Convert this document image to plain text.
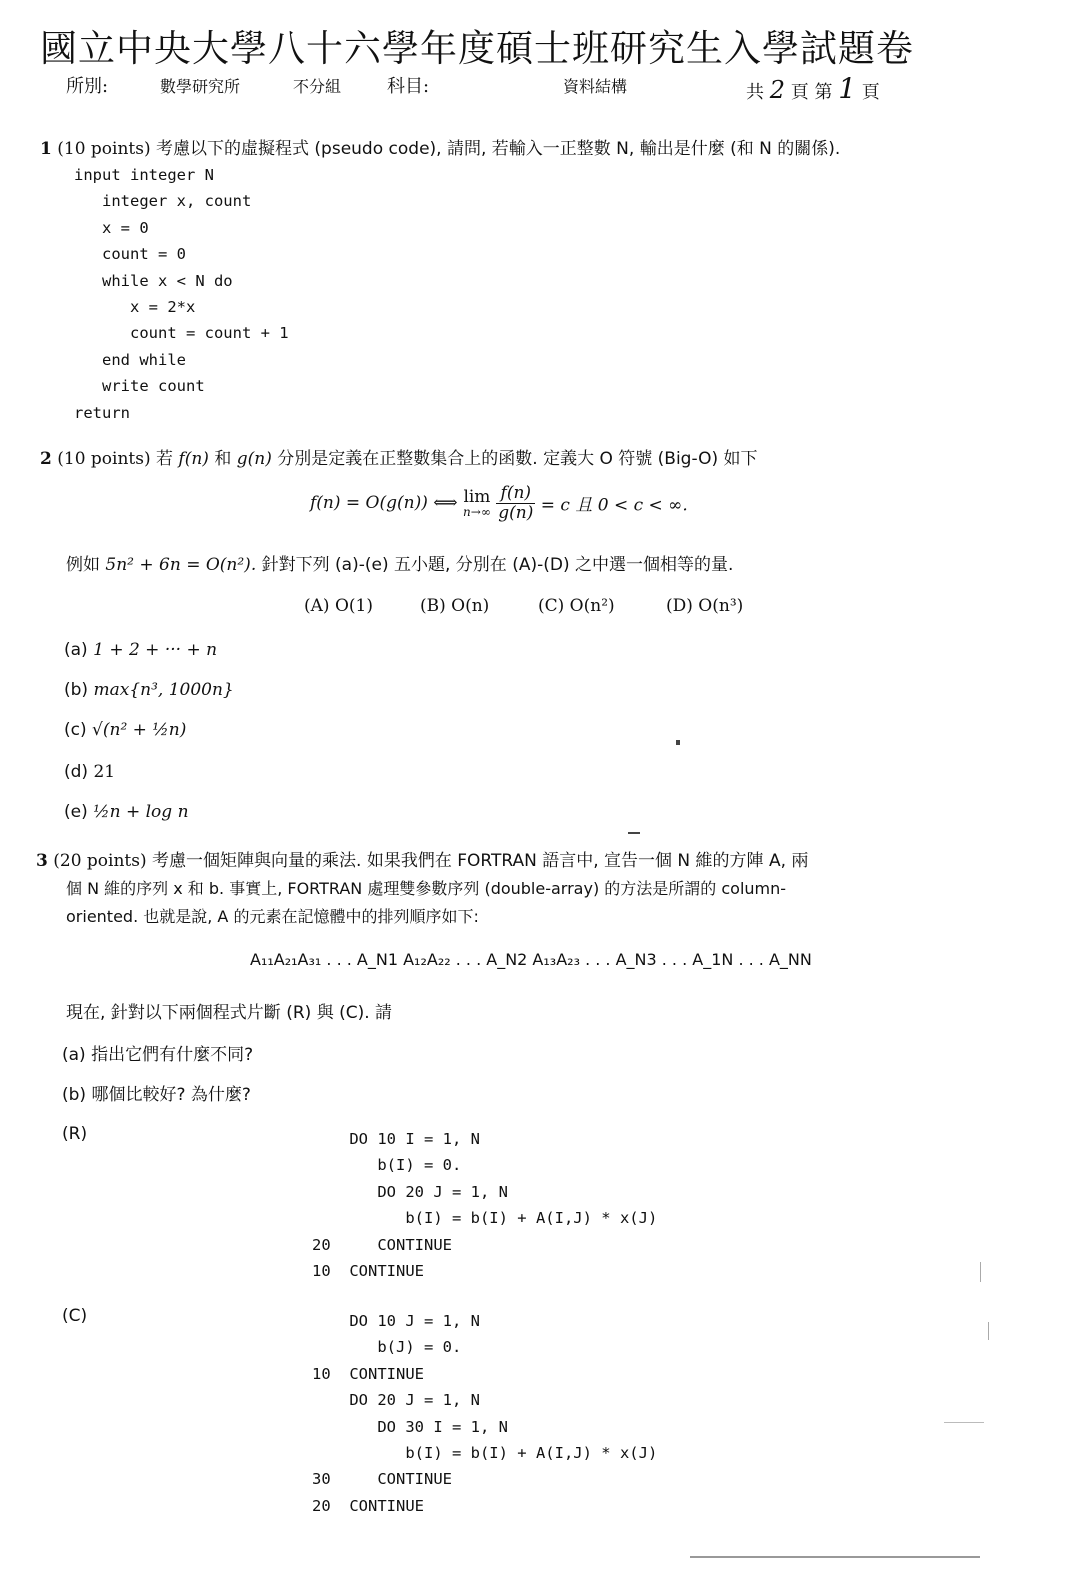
國立中央大學八十六學年度碩士班研究生入學試題卷
所別:	數學研究所	不分組	科目:	資料結構	共 2 頁 第 1 頁
1 (10 points) 考慮以下的虛擬程式 (pseudo code), 請問, 若輸入一正整數 N, 輸出是什麼 (和 N 的關係).
input integer N
integer x, count
x = 0
count = 0
while x < N do
x = 2*x
count = count + 1
end while
write count
return
2 (10 points) 若 f(n) 和 g(n) 分別是定義在正整數集合上的函數. 定義大 O 符號 (Big-O) 如下
f(n) = O(g(n)) ⟺ lim
n→∞
$\frac{f(n)}{g(n)} = c$ 且 0 < c < ∞.
例如 5n² + 6n = O(n²). 針對下列 (a)-(e) 五小題, 分別在 (A)-(D) 之中選一個相等的量.
(A) O(1)	(B) O(n)	(C) O(n²)	(D) O(n³)
(a) 1 + 2 + ··· + n
(b) max{n³, 1000n}
(c) √(n² + ½n)
(d) 21
(e) ½n + log n
3 (20 points) 考慮一個矩陣與向量的乘法. 如果我們在 FORTRAN 語言中, 宣告一個 N 維的方陣 A, 兩
個 N 維的序列 x 和 b. 事實上, FORTRAN 處理雙參數序列 (double-array) 的方法是所謂的 column-
oriented. 也就是說, A 的元素在記憶體中的排列順序如下:
A₁₁A₂₁A₃₁ . . . A_N1 A₁₂A₂₂ . . . A_N2 A₁₃A₂₃ . . . A_N3 . . . A_1N . . . A_NN
現在, 針對以下兩個程式片斷 (R) 與 (C). 請
(a) 指出它們有什麼不同?
(b) 哪個比較好? 為什麼?
(R)	DO 10 I = 1, N
b(I) = 0.
DO 20 J = 1, N
b(I) = b(I) + A(I,J) * x(J)
20     CONTINUE
10  CONTINUE
(C)	DO 10 J = 1, N
b(J) = 0.
10  CONTINUE
DO 20 J = 1, N
DO 30 I = 1, N
b(I) = b(I) + A(I,J) * x(J)
30     CONTINUE
20  CONTINUE
